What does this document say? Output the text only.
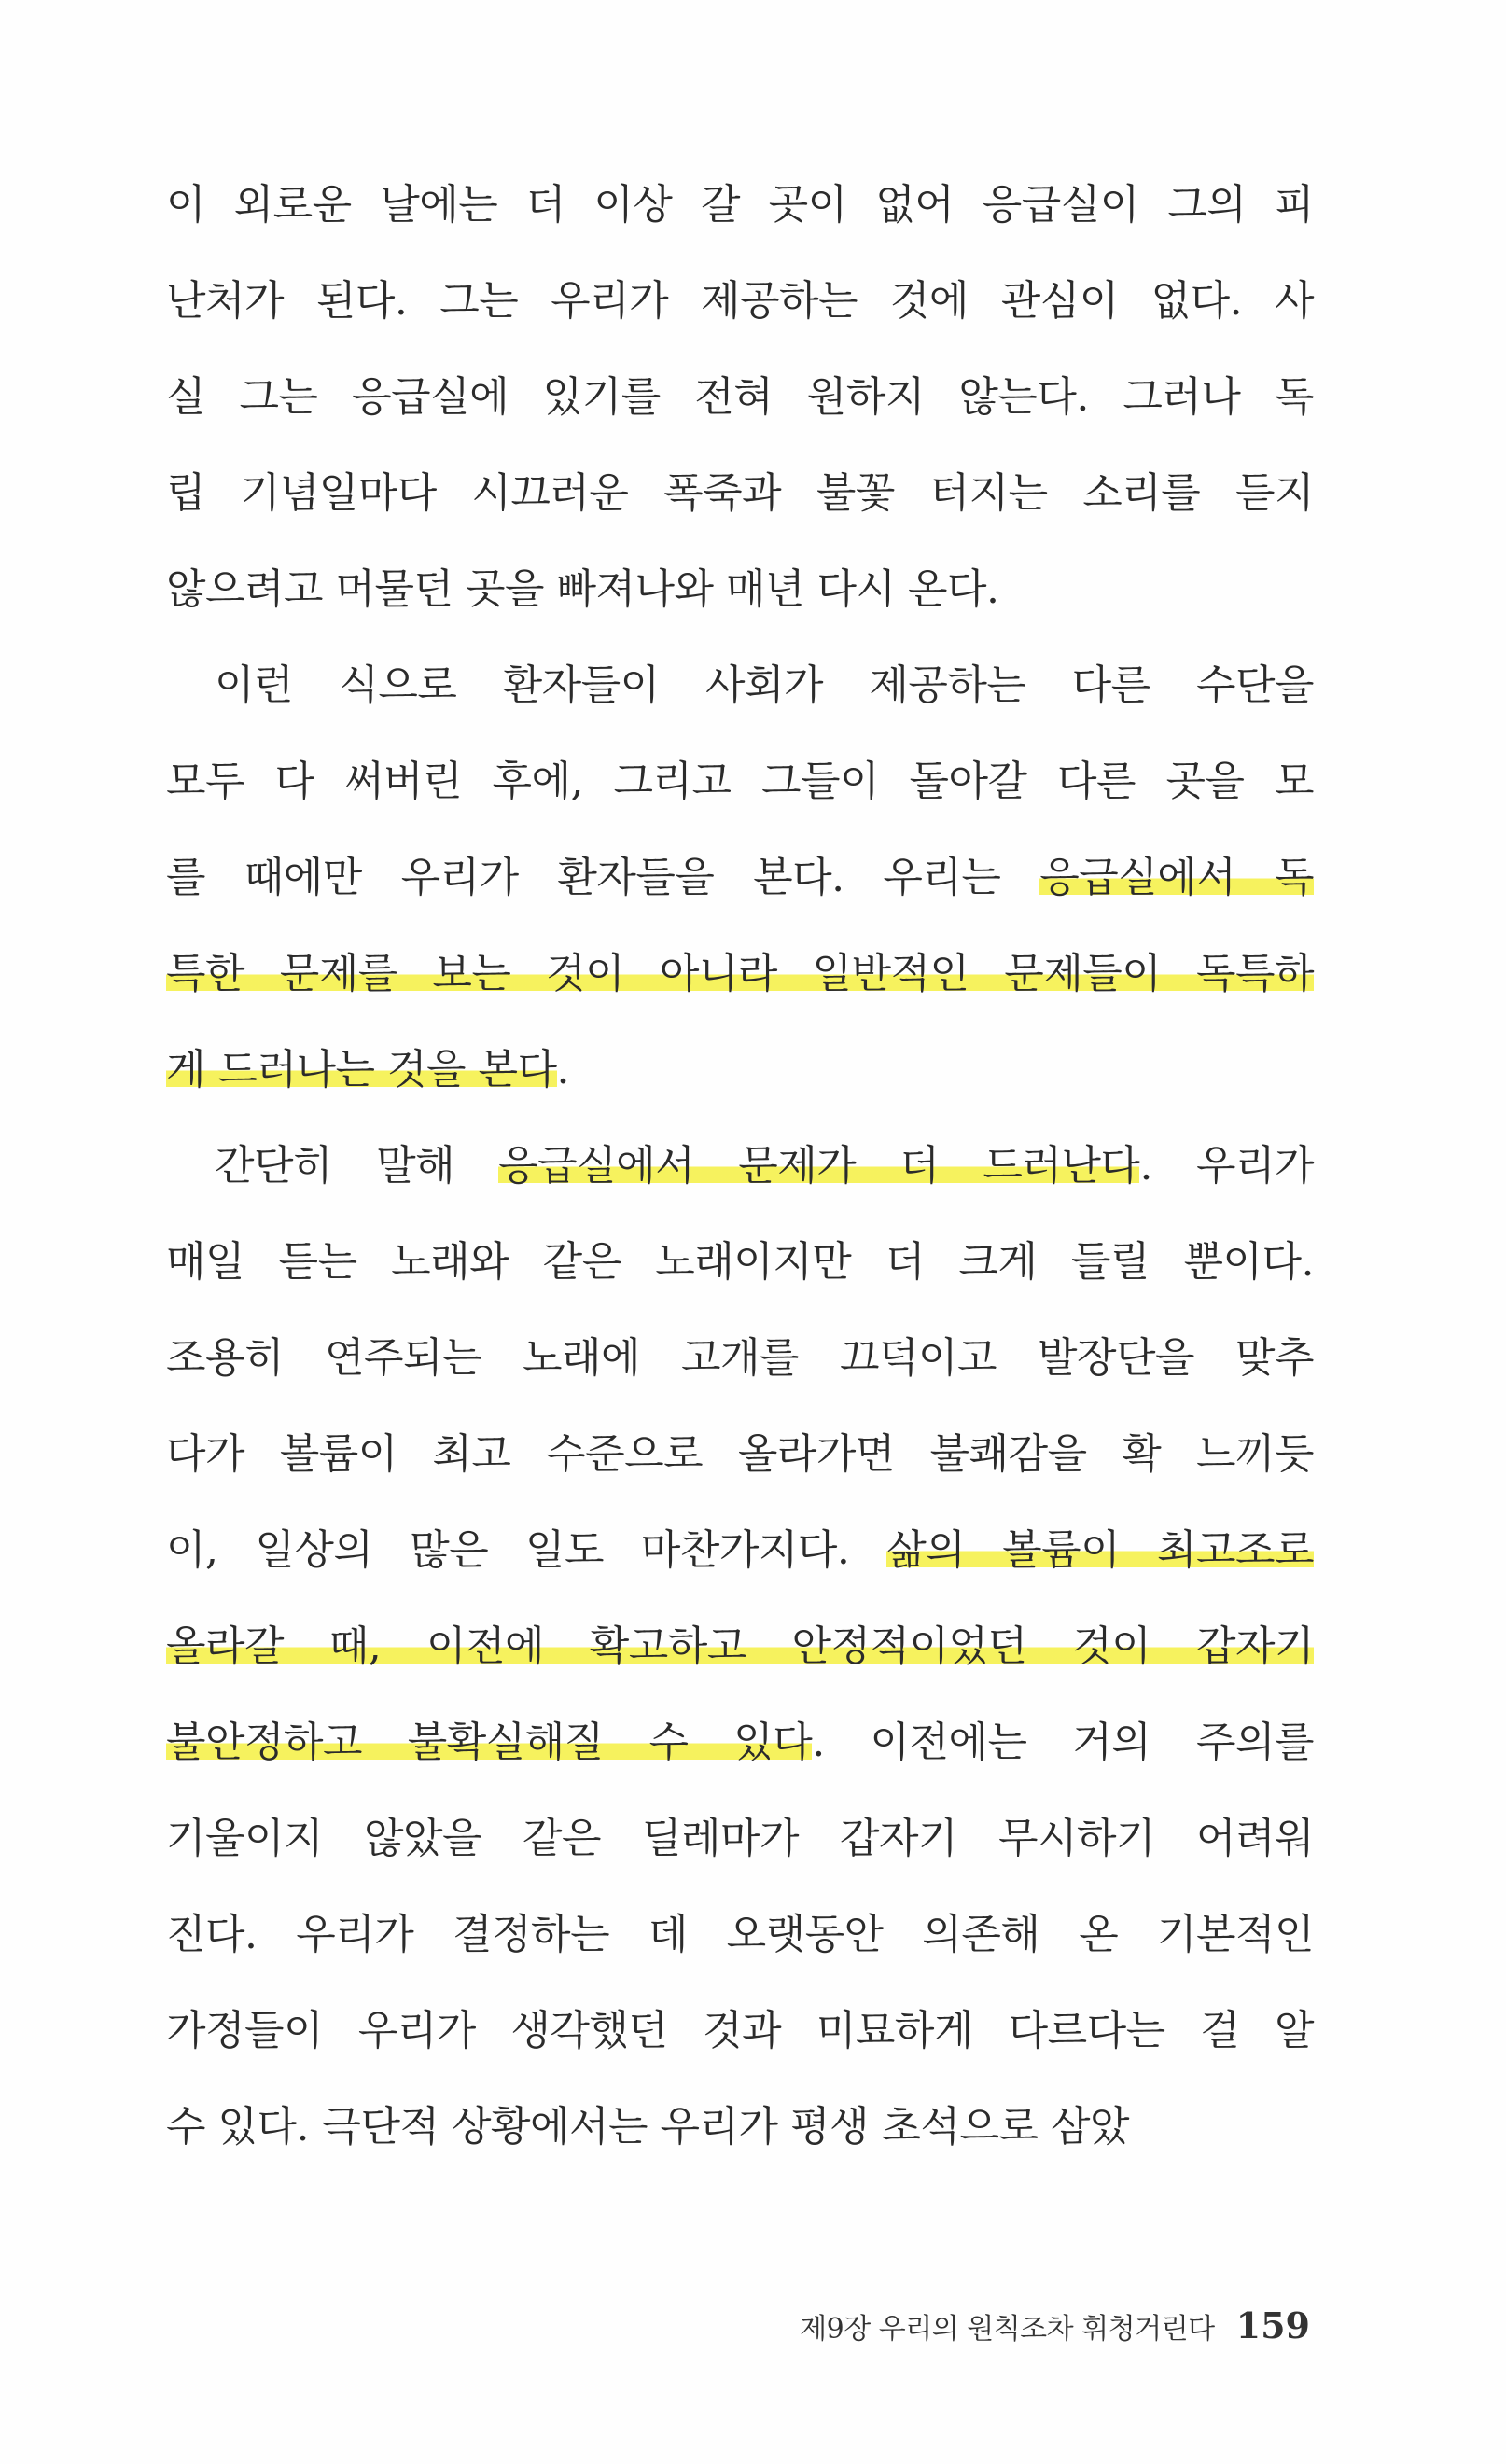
이 외로운 날에는 더 이상 갈 곳이 없어 응급실이 그의 피
난처가 된다. 그는 우리가 제공하는 것에 관심이 없다. 사
실 그는 응급실에 있기를 전혀 원하지 않는다. 그러나 독
립 기념일마다 시끄러운 폭죽과 불꽃 터지는 소리를 듣지
않으려고 머물던 곳을 빠져나와 매년 다시 온다.
이런 식으로 환자들이 사회가 제공하는 다른 수단을
모두 다 써버린 후에, 그리고 그들이 돌아갈 다른 곳을 모
를 때에만 우리가 환자들을 본다. 우리는 응급실에서 독
특한 문제를 보는 것이 아니라 일반적인 문제들이 독특하
게 드러나는 것을 본다.
간단히 말해 응급실에서 문제가 더 드러난다. 우리가
매일 듣는 노래와 같은 노래이지만 더 크게 들릴 뿐이다.
조용히 연주되는 노래에 고개를 끄덕이고 발장단을 맞추
다가 볼륨이 최고 수준으로 올라가면 불쾌감을 확 느끼듯
이, 일상의 많은 일도 마찬가지다. 삶의 볼륨이 최고조로
올라갈 때, 이전에 확고하고 안정적이었던 것이 갑자기
불안정하고 불확실해질 수 있다. 이전에는 거의 주의를
기울이지 않았을 같은 딜레마가 갑자기 무시하기 어려워
진다. 우리가 결정하는 데 오랫동안 의존해 온 기본적인
가정들이 우리가 생각했던 것과 미묘하게 다르다는 걸 알
수 있다. 극단적 상황에서는 우리가 평생 초석으로 삼았
제9장 우리의 원칙조차 휘청거린다 159
